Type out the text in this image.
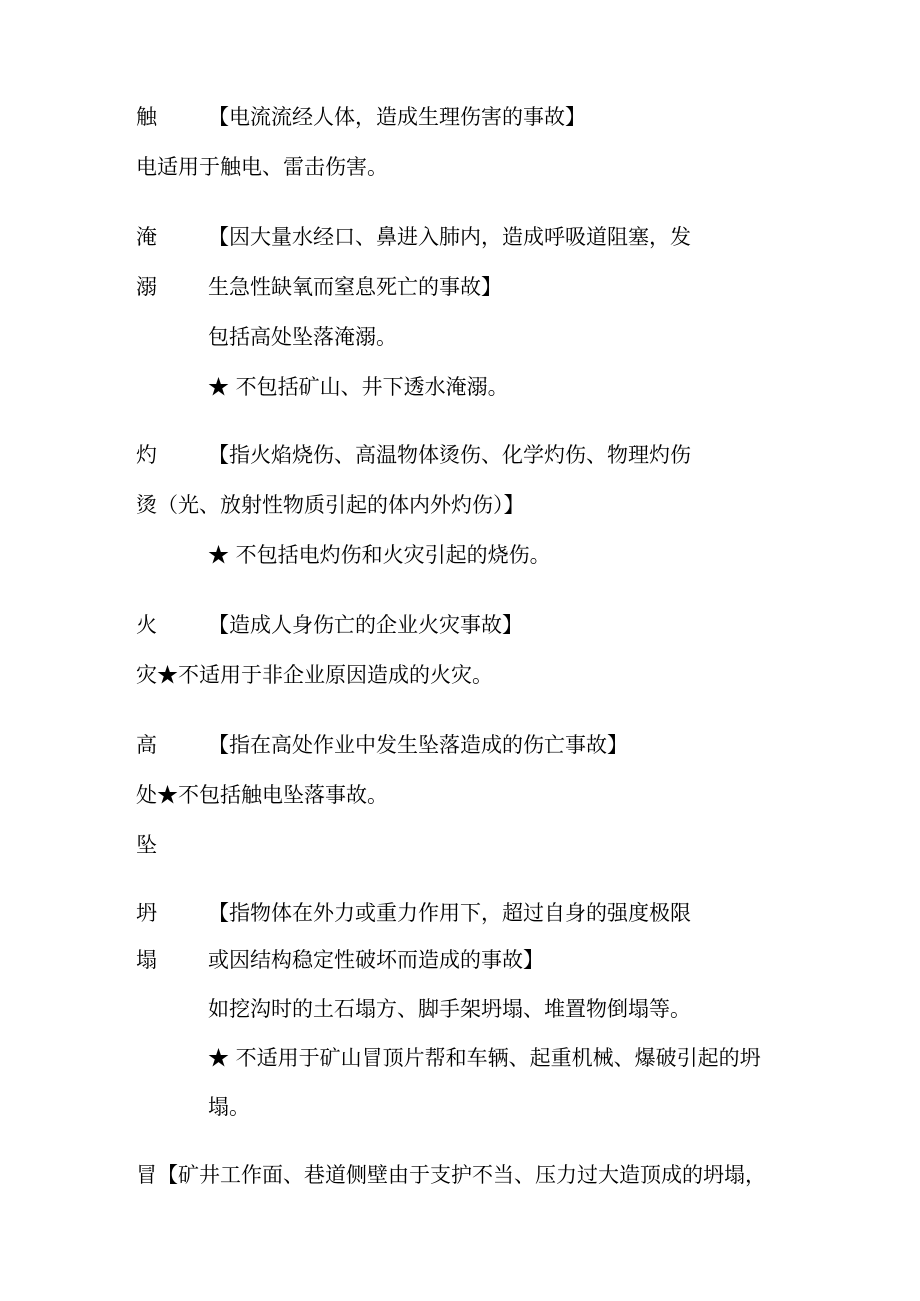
触 【电流流经人体，造成生理伤害的事故】
电适用于触电、雷击伤害。
淹 【因大量水经口、鼻进入肺内，造成呼吸道阻塞，发
溺 生急性缺氧而窒息死亡的事故】
包括高处坠落淹溺。
★ 不包括矿山、井下透水淹溺。
灼 【指火焰烧伤、高温物体烫伤、化学灼伤、物理灼伤
烫（光、放射性物质引起的体内外灼伤）】
★ 不包括电灼伤和火灾引起的烧伤。
火 【造成人身伤亡的企业火灾事故】
灾★不适用于非企业原因造成的火灾。
高 【指在高处作业中发生坠落造成的伤亡事故】
处★不包括触电坠落事故。
坠
坍 【指物体在外力或重力作用下，超过自身的强度极限
塌 或因结构稳定性破坏而造成的事故】
如挖沟时的土石塌方、脚手架坍塌、堆置物倒塌等。
★ 不适用于矿山冒顶片帮和车辆、起重机械、爆破引起的坍
塌。
冒【矿井工作面、巷道侧壁由于支护不当、压力过大造顶成的坍塌，
